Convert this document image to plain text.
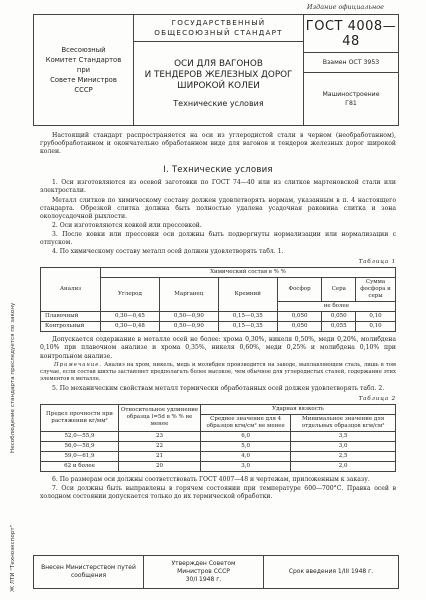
Издание официальное
Всесоюзный
Комитет Стандартов
при
Совете Министров
СССР
ГОСУДАРСТВЕННЫЙ
ОБЩЕСОЮЗНЫЙ СТАНДАРТ
ОСИ ДЛЯ ВАГОНОВ
И ТЕНДЕРОВ ЖЕЛЕЗНЫХ ДОРОГ
ШИРОКОЙ КОЛЕИ
Технические условия
ГОСТ 4008—48
Взамен ОСТ 3953
Машиностроение
Г81
Несоблюдение стандарта преследуется по закону
Ж ЛТИ "Техноэкспорт"

Настоящий стандарт распространяется на оси из углеродистой стали в черном (необработанном), грубообработанном и окончательно обработанном виде для вагонов и тендеров железных дорог широкой колеи.

I. Технические условия

1. Оси изготовляются из осевой заготовки по ГОСТ 74—40 или из слитков мартеновской стали или электростали.

Металл слитков по химическому составу должен удовлетворять нормам, указанным в п. 4 настоящего стандарта. Обрезкой слитка должна быть полностью удалена усадочная раковина слитка и зона околоусадочной рыхлости.

2. Оси изготовляются ковкой или прессовкой.

3. После ковки или прессовки оси должны быть подвергнуты нормализации или нормализации с отпуском.

4. По химическому составу металл осей должен удовлетворять табл. 1.

Таблица 1
Анализ	Химический состав в % %					
	Углерод	Марганец	Кремний	Фосфор	Сера	Сумма фосфора и серы
				не более		
Плавочный	0,30—0,45	0,50—0,90	0,15—0,35	0,050	0,050	0,10
Контрольный	0,30—0,48	0,50—0,90	0,15—0,35	0,050	0,055	0,10

Допускается содержание в металле осей не более: хрома 0,30%, никеля 0,50%, меди 0,20%, молибдена 0,10% при плавочном анализе и хрома 0,35%, никеля 0,60%, меди 0,25% и молибдена 0,10% при контрольном анализе.

Примечание. Анализ на хром, никель, медь и молибден производится на заводе, выплавляющем сталь, лишь в том случае, если состав шихты заставляет предполагать более высокое, чем обычное для углеродистых сталей, содержание этих элементов в металле.

5. По механическим свойствам металл термически обработанных осей должен удовлетворять табл. 2.

Таблица 2
Предел прочности при растяжении кг/мм²	Относительное удлинение образца l=5d в % % не менее	Ударная вязкость	
		Среднее значение для 4 образцов кгм/см² не менее	Минимальное значение для отдельных образцов кгм/см²
52,0—55,9	23	6,0	3,5
56,0—58,9	22	5,0	3,0
59,0—61,9	21	4,0	2,5
62 и более	20	3,0	2,0

6. По размерам оси должны соответствовать ГОСТ 4007—48 и чертежам, приложенным к заказу.

7. Оси должны быть выправлены в горячем состоянии при температуре 600—700°С. Правка осей в холодном состоянии допускается только до их термической обработки.

Внесен Министерством путей сообщения
Утвержден Советом
Министров СССР
30/I 1948 г.
Срок введения 1/III 1948 г.
